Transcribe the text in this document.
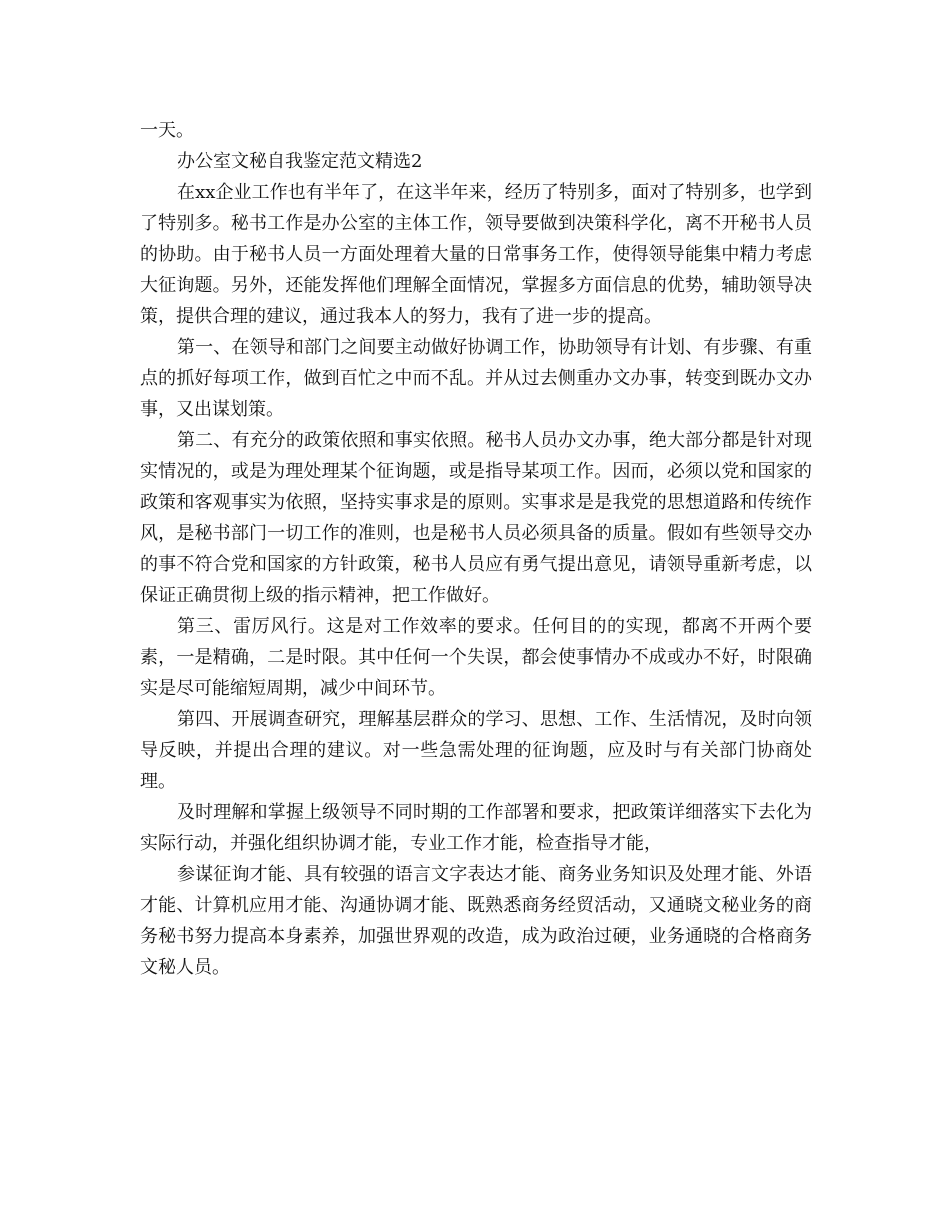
一天。

办公室文秘自我鉴定范文精选2

在xx企业工作也有半年了，在这半年来，经历了特别多，面对了特别多，也学到了特别多。秘书工作是办公室的主体工作，领导要做到决策科学化，离不开秘书人员的协助。由于秘书人员一方面处理着大量的日常事务工作，使得领导能集中精力考虑大征询题。另外，还能发挥他们理解全面情况，掌握多方面信息的优势，辅助领导决策，提供合理的建议，通过我本人的努力，我有了进一步的提高。

第一、在领导和部门之间要主动做好协调工作，协助领导有计划、有步骤、有重点的抓好每项工作，做到百忙之中而不乱。并从过去侧重办文办事，转变到既办文办事，又出谋划策。

第二、有充分的政策依照和事实依照。秘书人员办文办事，绝大部分都是针对现实情况的，或是为理处理某个征询题，或是指导某项工作。因而，必须以党和国家的政策和客观事实为依照，坚持实事求是的原则。实事求是是我党的思想道路和传统作风，是秘书部门一切工作的准则，也是秘书人员必须具备的质量。假如有些领导交办的事不符合党和国家的方针政策，秘书人员应有勇气提出意见，请领导重新考虑，以保证正确贯彻上级的指示精神，把工作做好。

第三、雷厉风行。这是对工作效率的要求。任何目的的实现，都离不开两个要素，一是精确，二是时限。其中任何一个失误，都会使事情办不成或办不好，时限确实是尽可能缩短周期，减少中间环节。

第四、开展调查研究，理解基层群众的学习、思想、工作、生活情况，及时向领导反映，并提出合理的建议。对一些急需处理的征询题，应及时与有关部门协商处理。

及时理解和掌握上级领导不同时期的工作部署和要求，把政策详细落实下去化为实际行动，并强化组织协调才能，专业工作才能，检查指导才能，

参谋征询才能、具有较强的语言文字表达才能、商务业务知识及处理才能、外语才能、计算机应用才能、沟通协调才能、既熟悉商务经贸活动，又通晓文秘业务的商务秘书努力提高本身素养，加强世界观的改造，成为政治过硬，业务通晓的合格商务文秘人员。
